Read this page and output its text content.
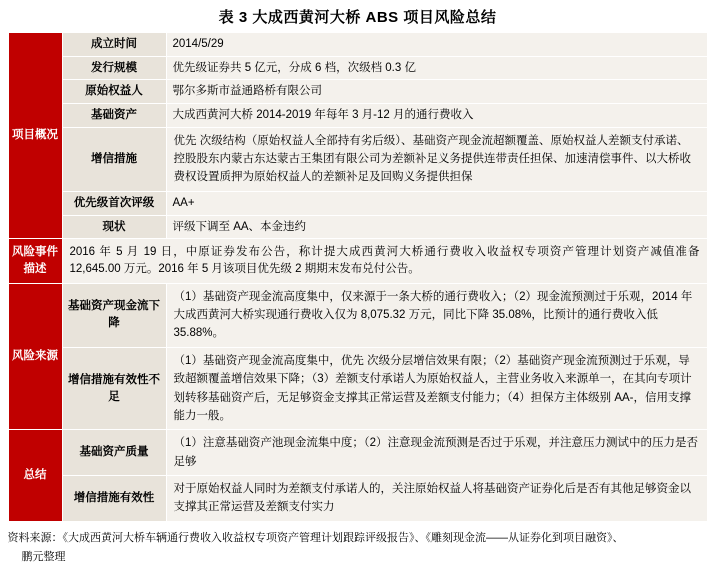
表 3 大成西黄河大桥 ABS 项目风险总结
项目概况	成立时间	2014/5/29
	发行规模	优先级证券共 5 亿元，分成 6 档，次级档 0.3 亿
	原始权益人	鄂尔多斯市益通路桥有限公司
	基础资产	大成西黄河大桥 2014-2019 年每年 3 月-12 月的通行费收入
	增信措施	优先 次级结构（原始权益人全部持有劣后级）、基础资产现金流超额覆盖、原始权益人差额支付承诺、控股股东内蒙古东达蒙古王集团有限公司为差额补足义务提供连带责任担保、加速清偿事件、以大桥收费权设置质押为原始权益人的差额补足及回购义务提供担保
	优先级首次评级	AA+
	现状	评级下调至 AA、本金违约
风险事件描述	2016 年 5 月 19 日，中原证券发布公告，称计提大成西黄河大桥通行费收入收益权专项资产管理计划资产减值准备 12,645.00 万元。2016 年 5 月该项目优先级 2 期期末发布兑付公告。	
风险来源	基础资产现金流下降	（1）基础资产现金流高度集中，仅来源于一条大桥的通行费收入；（2）现金流预测过于乐观，2014 年大成西黄河大桥实现通行费收入仅为 8,075.32 万元，同比下降 35.08%，比预计的通行费收入低 35.88%。
	增信措施有效性不足	（1）基础资产现金流高度集中，优先 次级分层增信效果有限；（2）基础资产现金流预测过于乐观，导致超额覆盖增信效果下降；（3）差额支付承诺人为原始权益人，主营业务收入来源单一，在其向专项计划转移基础资产后，无足够资金支撑其正常运营及差额支付能力；（4）担保方主体级别 AA-，信用支撑能力一般。
总结	基础资产质量	（1）注意基础资产池现金流集中度；（2）注意现金流预测是否过于乐观，并注意压力测试中的压力是否足够
	增信措施有效性	对于原始权益人同时为差额支付承诺人的，关注原始权益人将基础资产证券化后是否有其他足够资金以支撑其正常运营及差额支付实力
资料来源：《大成西黄河大桥车辆通行费收入收益权专项资产管理计划跟踪评级报告》、《雕刻现金流——从证券化到项目融资》、
鹏元整理
